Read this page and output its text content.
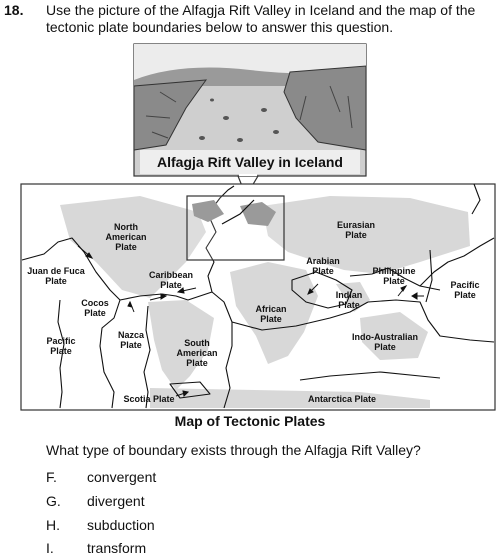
18. Use the picture of the Alfagja Rift Valley in Iceland and the map of the tectonic plate boundaries below to answer this question.
North American Plate
Eurasian Plate
Juan de Fuca Plate
Caribbean Plate
Arabian Plate	Philippine Plate	Pacific Plate
Cocos Plate	African Plate
Indian Plate
Pacific Plate
Nazca Plate	South American Plate
Indo-Australian Plate
Scotia Plate	Antarctica Plate
Alfagja Rift Valley in Iceland
Map of Tectonic Plates
What type of boundary exists through the Alfagja Rift Valley?
F. convergent
G. divergent
H. subduction
I. transform
